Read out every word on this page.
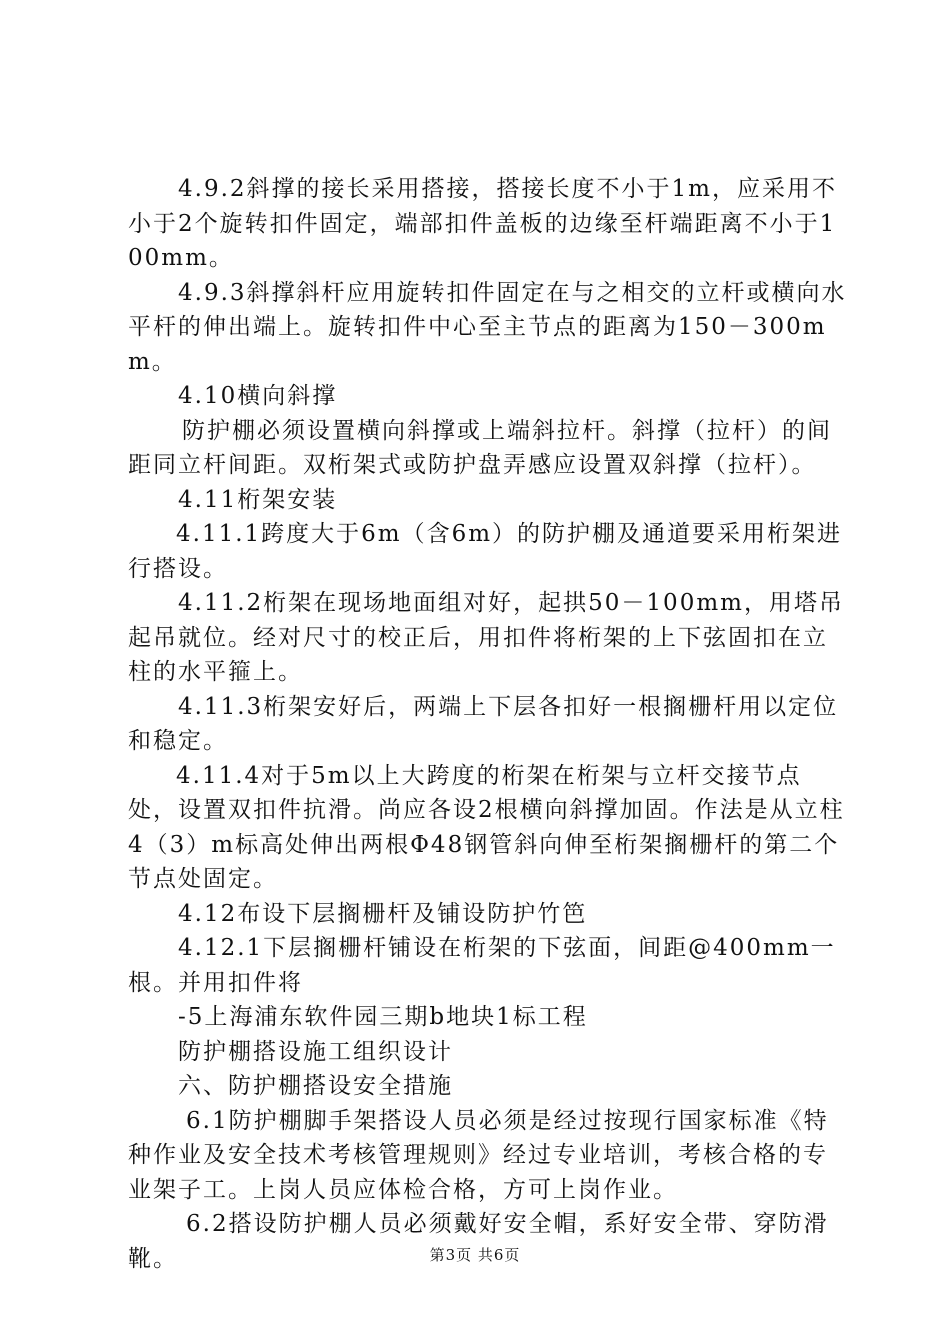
4.9.2斜撑的接长采用搭接，搭接长度不小于1m，应采用不小于2个旋转扣件固定，端部扣件盖板的边缘至杆端距离不小于100mm。

4.9.3斜撑斜杆应用旋转扣件固定在与之相交的立杆或横向水平杆的伸出端上。旋转扣件中心至主节点的距离为150－300mm。

4.10横向斜撑

防护棚必须设置横向斜撑或上端斜拉杆。斜撑（拉杆）的间距同立杆间距。双桁架式或防护盘弄感应设置双斜撑（拉杆）。

4.11桁架安装

4.11.1跨度大于6m（含6m）的防护棚及通道要采用桁架进行搭设。

4.11.2桁架在现场地面组对好，起拱50－100mm，用塔吊起吊就位。经对尺寸的校正后，用扣件将桁架的上下弦固扣在立柱的水平箍上。

4.11.3桁架安好后，两端上下层各扣好一根搁栅杆用以定位和稳定。

4.11.4对于5m以上大跨度的桁架在桁架与立杆交接节点处，设置双扣件抗滑。尚应各设2根横向斜撑加固。作法是从立柱4（3）m标高处伸出两根Φ48钢管斜向伸至桁架搁栅杆的第二个节点处固定。

4.12布设下层搁栅杆及铺设防护竹笆

4.12.1下层搁栅杆铺设在桁架的下弦面，间距@400mm一根。并用扣件将

-5上海浦东软件园三期b地块1标工程

防护棚搭设施工组织设计

六、防护棚搭设安全措施

6.1防护棚脚手架搭设人员必须是经过按现行国家标准《特种作业及安全技术考核管理规则》经过专业培训，考核合格的专业架子工。上岗人员应体检合格，方可上岗作业。

6.2搭设防护棚人员必须戴好安全帽，系好安全带、穿防滑靴。	第3页 共6页
